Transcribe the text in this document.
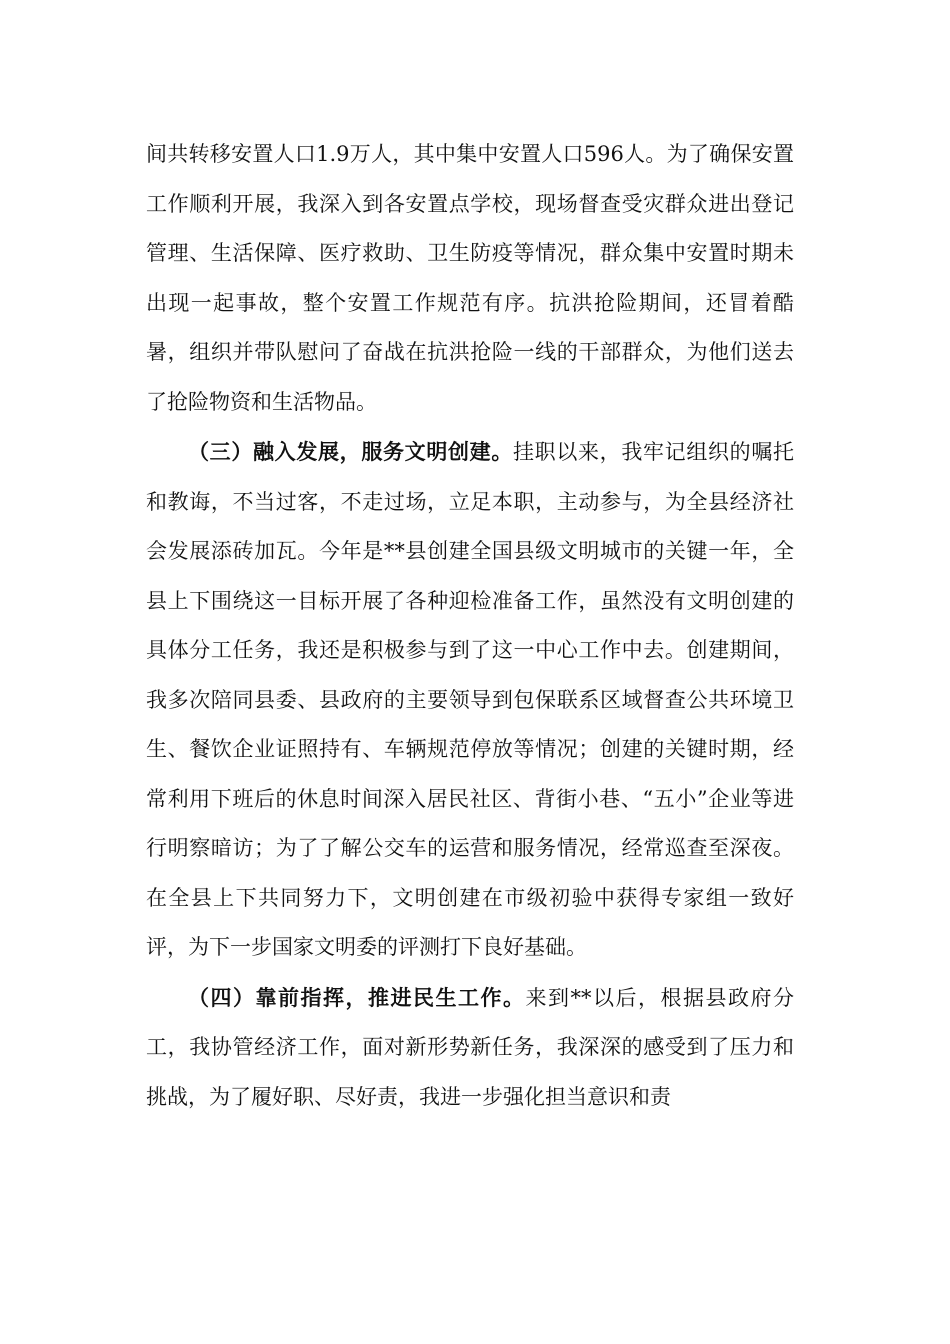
间共转移安置人口1.9万人，其中集中安置人口596人。为了确保安置工作顺利开展，我深入到各安置点学校，现场督查受灾群众进出登记管理、生活保障、医疗救助、卫生防疫等情况，群众集中安置时期未出现一起事故，整个安置工作规范有序。抗洪抢险期间，还冒着酷暑，组织并带队慰问了奋战在抗洪抢险一线的干部群众，为他们送去了抢险物资和生活物品。

（三）融入发展，服务文明创建。挂职以来，我牢记组织的嘱托和教诲，不当过客，不走过场，立足本职，主动参与，为全县经济社会发展添砖加瓦。今年是**县创建全国县级文明城市的关键一年，全县上下围绕这一目标开展了各种迎检准备工作，虽然没有文明创建的具体分工任务，我还是积极参与到了这一中心工作中去。创建期间，我多次陪同县委、县政府的主要领导到包保联系区域督查公共环境卫生、餐饮企业证照持有、车辆规范停放等情况；创建的关键时期，经常利用下班后的休息时间深入居民社区、背街小巷、“五小”企业等进行明察暗访；为了了解公交车的运营和服务情况，经常巡查至深夜。在全县上下共同努力下，文明创建在市级初验中获得专家组一致好评，为下一步国家文明委的评测打下良好基础。

（四）靠前指挥，推进民生工作。来到**以后，根据县政府分工，我协管经济工作，面对新形势新任务，我深深的感受到了压力和挑战，为了履好职、尽好责，我进一步强化担当意识和责
